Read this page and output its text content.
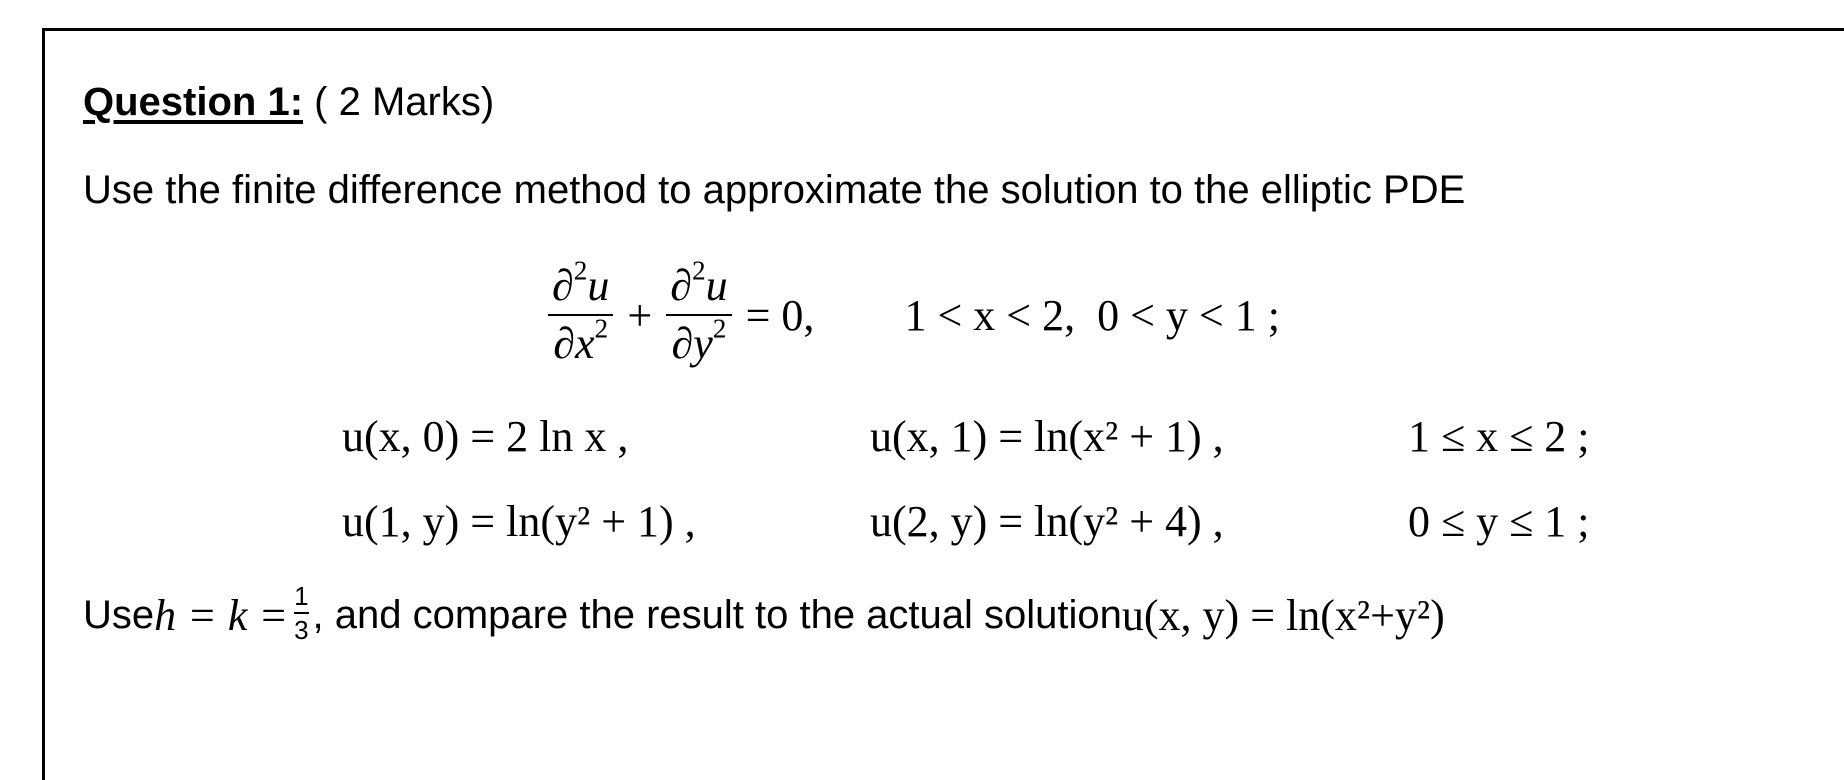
Question 1: ( 2 Marks)
Use the finite difference method to approximate the solution to the elliptic PDE
$\frac{\partial^2u}{\partial x^2} + \frac{\partial^2u}{\partial y^2} = 0$, 1 < x < 2, 0 < y < 1 ;
u(x, 0) = 2 ln x ,	u(x, 1) = ln(x² + 1) ,	1 ≤ x ≤ 2 ;
u(1, y) = ln(y² + 1) ,	u(2, y) = ln(y² + 4) ,	0 ≤ y ≤ 1 ;
Use $h = k = \frac{1}{3}$ , and compare the result to the actual solution u(x, y) = ln(x²+y²)
